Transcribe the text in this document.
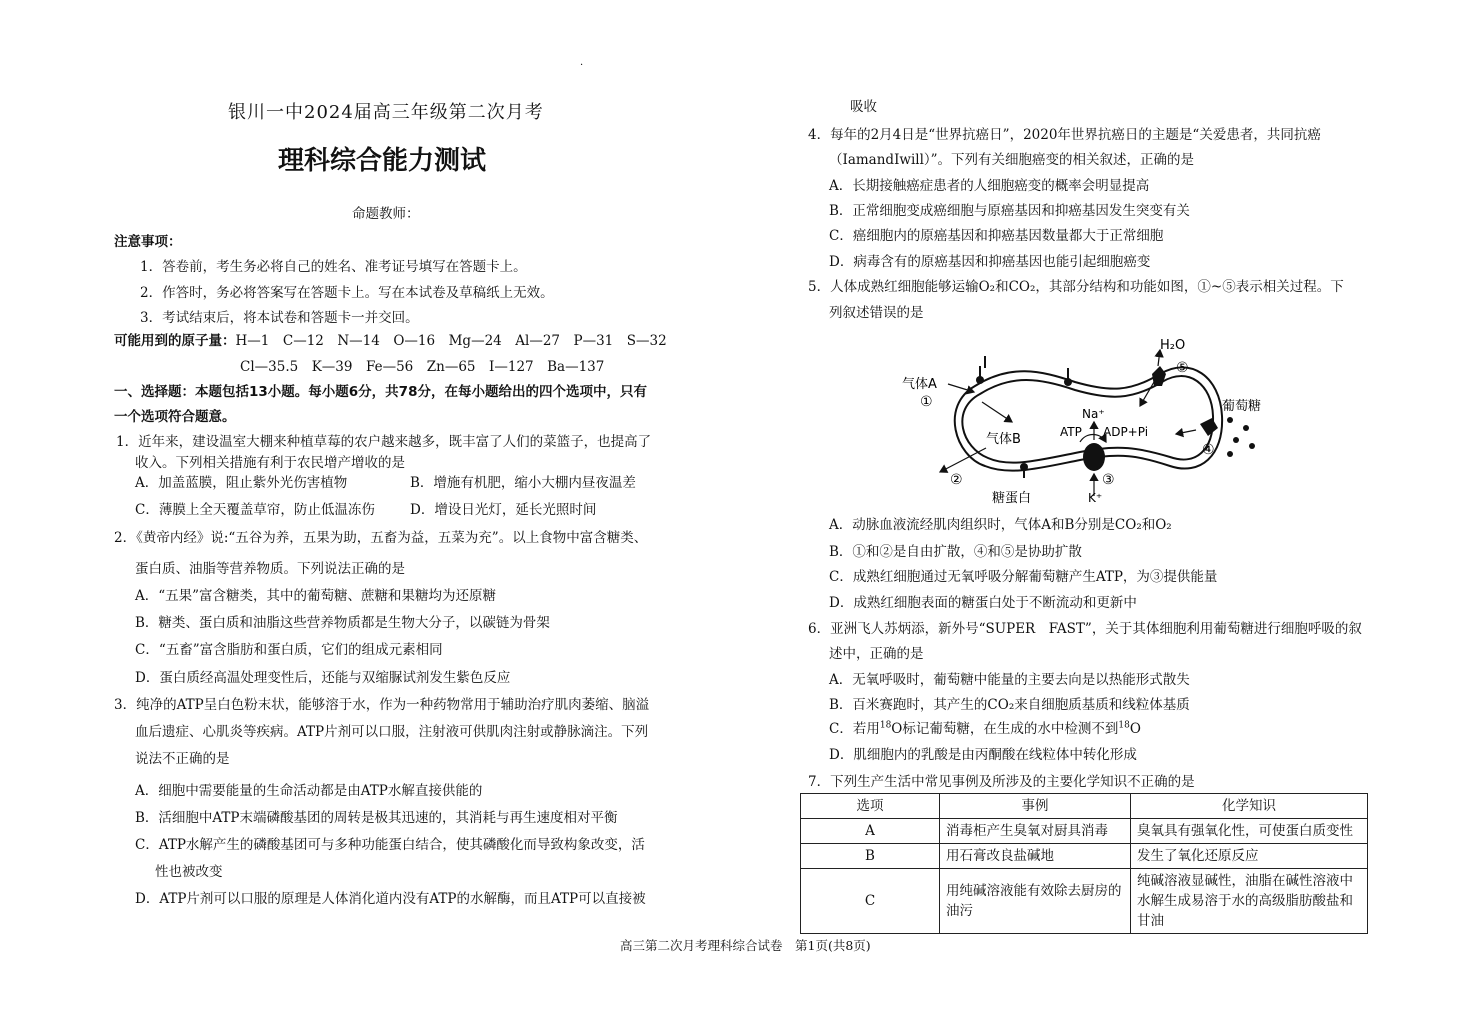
·
银川一中2024届高三年级第二次月考
理科综合能力测试
命题教师：
注意事项：
1．答卷前，考生务必将自己的姓名、准考证号填写在答题卡上。
2．作答时，务必将答案写在答题卡上。写在本试卷及草稿纸上无效。
3．考试结束后，将本试卷和答题卡一并交回。
可能用到的原子量：H—1　C—12　N—14　O—16　Mg—24　Al—27　P—31　S—32
Cl—35.5　K—39　Fe—56　Zn—65　I—127　Ba—137
一、选择题：本题包括13小题。每小题6分，共78分，在每小题给出的四个选项中，只有
一个选项符合题意。
1．近年来，建设温室大棚来种植草莓的农户越来越多，既丰富了人们的菜篮子，也提高了
收入。下列相关措施有利于农民增产增收的是
A．加盖蓝膜，阻止紫外光伤害植物	B．增施有机肥，缩小大棚内昼夜温差
C．薄膜上全天覆盖草帘，防止低温冻伤	D．增设日光灯，延长光照时间
2．《黄帝内经》说:“五谷为养，五果为助，五畜为益，五菜为充”。以上食物中富含糖类、
蛋白质、油脂等营养物质。下列说法正确的是
A．“五果”富含糖类，其中的葡萄糖、蔗糖和果糖均为还原糖
B．糖类、蛋白质和油脂这些营养物质都是生物大分子，以碳链为骨架
C．“五畜”富含脂肪和蛋白质，它们的组成元素相同
D．蛋白质经高温处理变性后，还能与双缩脲试剂发生紫色反应
3．纯净的ATP呈白色粉末状，能够溶于水，作为一种药物常用于辅助治疗肌肉萎缩、脑溢
血后遗症、心肌炎等疾病。ATP片剂可以口服，注射液可供肌肉注射或静脉滴注。下列
说法不正确的是
A．细胞中需要能量的生命活动都是由ATP水解直接供能的
B．活细胞中ATP末端磷酸基团的周转是极其迅速的，其消耗与再生速度相对平衡
C．ATP水解产生的磷酸基团可与多种功能蛋白结合，使其磷酸化而导致构象改变，活
性也被改变
D．ATP片剂可以口服的原理是人体消化道内没有ATP的水解酶，而且ATP可以直接被
吸收
4．每年的2月4日是“世界抗癌日”，2020年世界抗癌日的主题是“关爱患者，共同抗癌
（IamandIwill）”。下列有关细胞癌变的相关叙述，正确的是
A．长期接触癌症患者的人细胞癌变的概率会明显提高
B．正常细胞变成癌细胞与原癌基因和抑癌基因发生突变有关
C．癌细胞内的原癌基因和抑癌基因数量都大于正常细胞
D．病毒含有的原癌基因和抑癌基因也能引起细胞癌变
5．人体成熟红细胞能够运输O₂和CO₂，其部分结构和功能如图，①~⑤表示相关过程。下
列叙述错误的是
H₂O
⑤
气体A
①
气体B
葡萄糖
④
Na⁺
ATP ADP+Pi
③
K⁺
②
糖蛋白
A．动脉血液流经肌肉组织时，气体A和B分别是CO₂和O₂
B．①和②是自由扩散，④和⑤是协助扩散
C．成熟红细胞通过无氧呼吸分解葡萄糖产生ATP，为③提供能量
D．成熟红细胞表面的糖蛋白处于不断流动和更新中
6．亚洲飞人苏炳添，新外号“SUPER　FAST”，关于其体细胞利用葡萄糖进行细胞呼吸的叙
述中，正确的是
A．无氧呼吸时，葡萄糖中能量的主要去向是以热能形式散失
B．百米赛跑时，其产生的CO₂来自细胞质基质和线粒体基质
C．若用$^{18}$O标记葡萄糖，在生成的水中检测不到$^{18}$O
D．肌细胞内的乳酸是由丙酮酸在线粒体中转化形成
7．下列生产生活中常见事例及所涉及的主要化学知识不正确的是
选项	事例	化学知识
A	消毒柜产生臭氧对厨具消毒	臭氧具有强氧化性，可使蛋白质变性
B	用石膏改良盐碱地	发生了氧化还原反应
C	用纯碱溶液能有效除去厨房的油污	纯碱溶液显碱性，油脂在碱性溶液中水解生成易溶于水的高级脂肪酸盐和甘油
高三第二次月考理科综合试卷　第1页(共8页)
